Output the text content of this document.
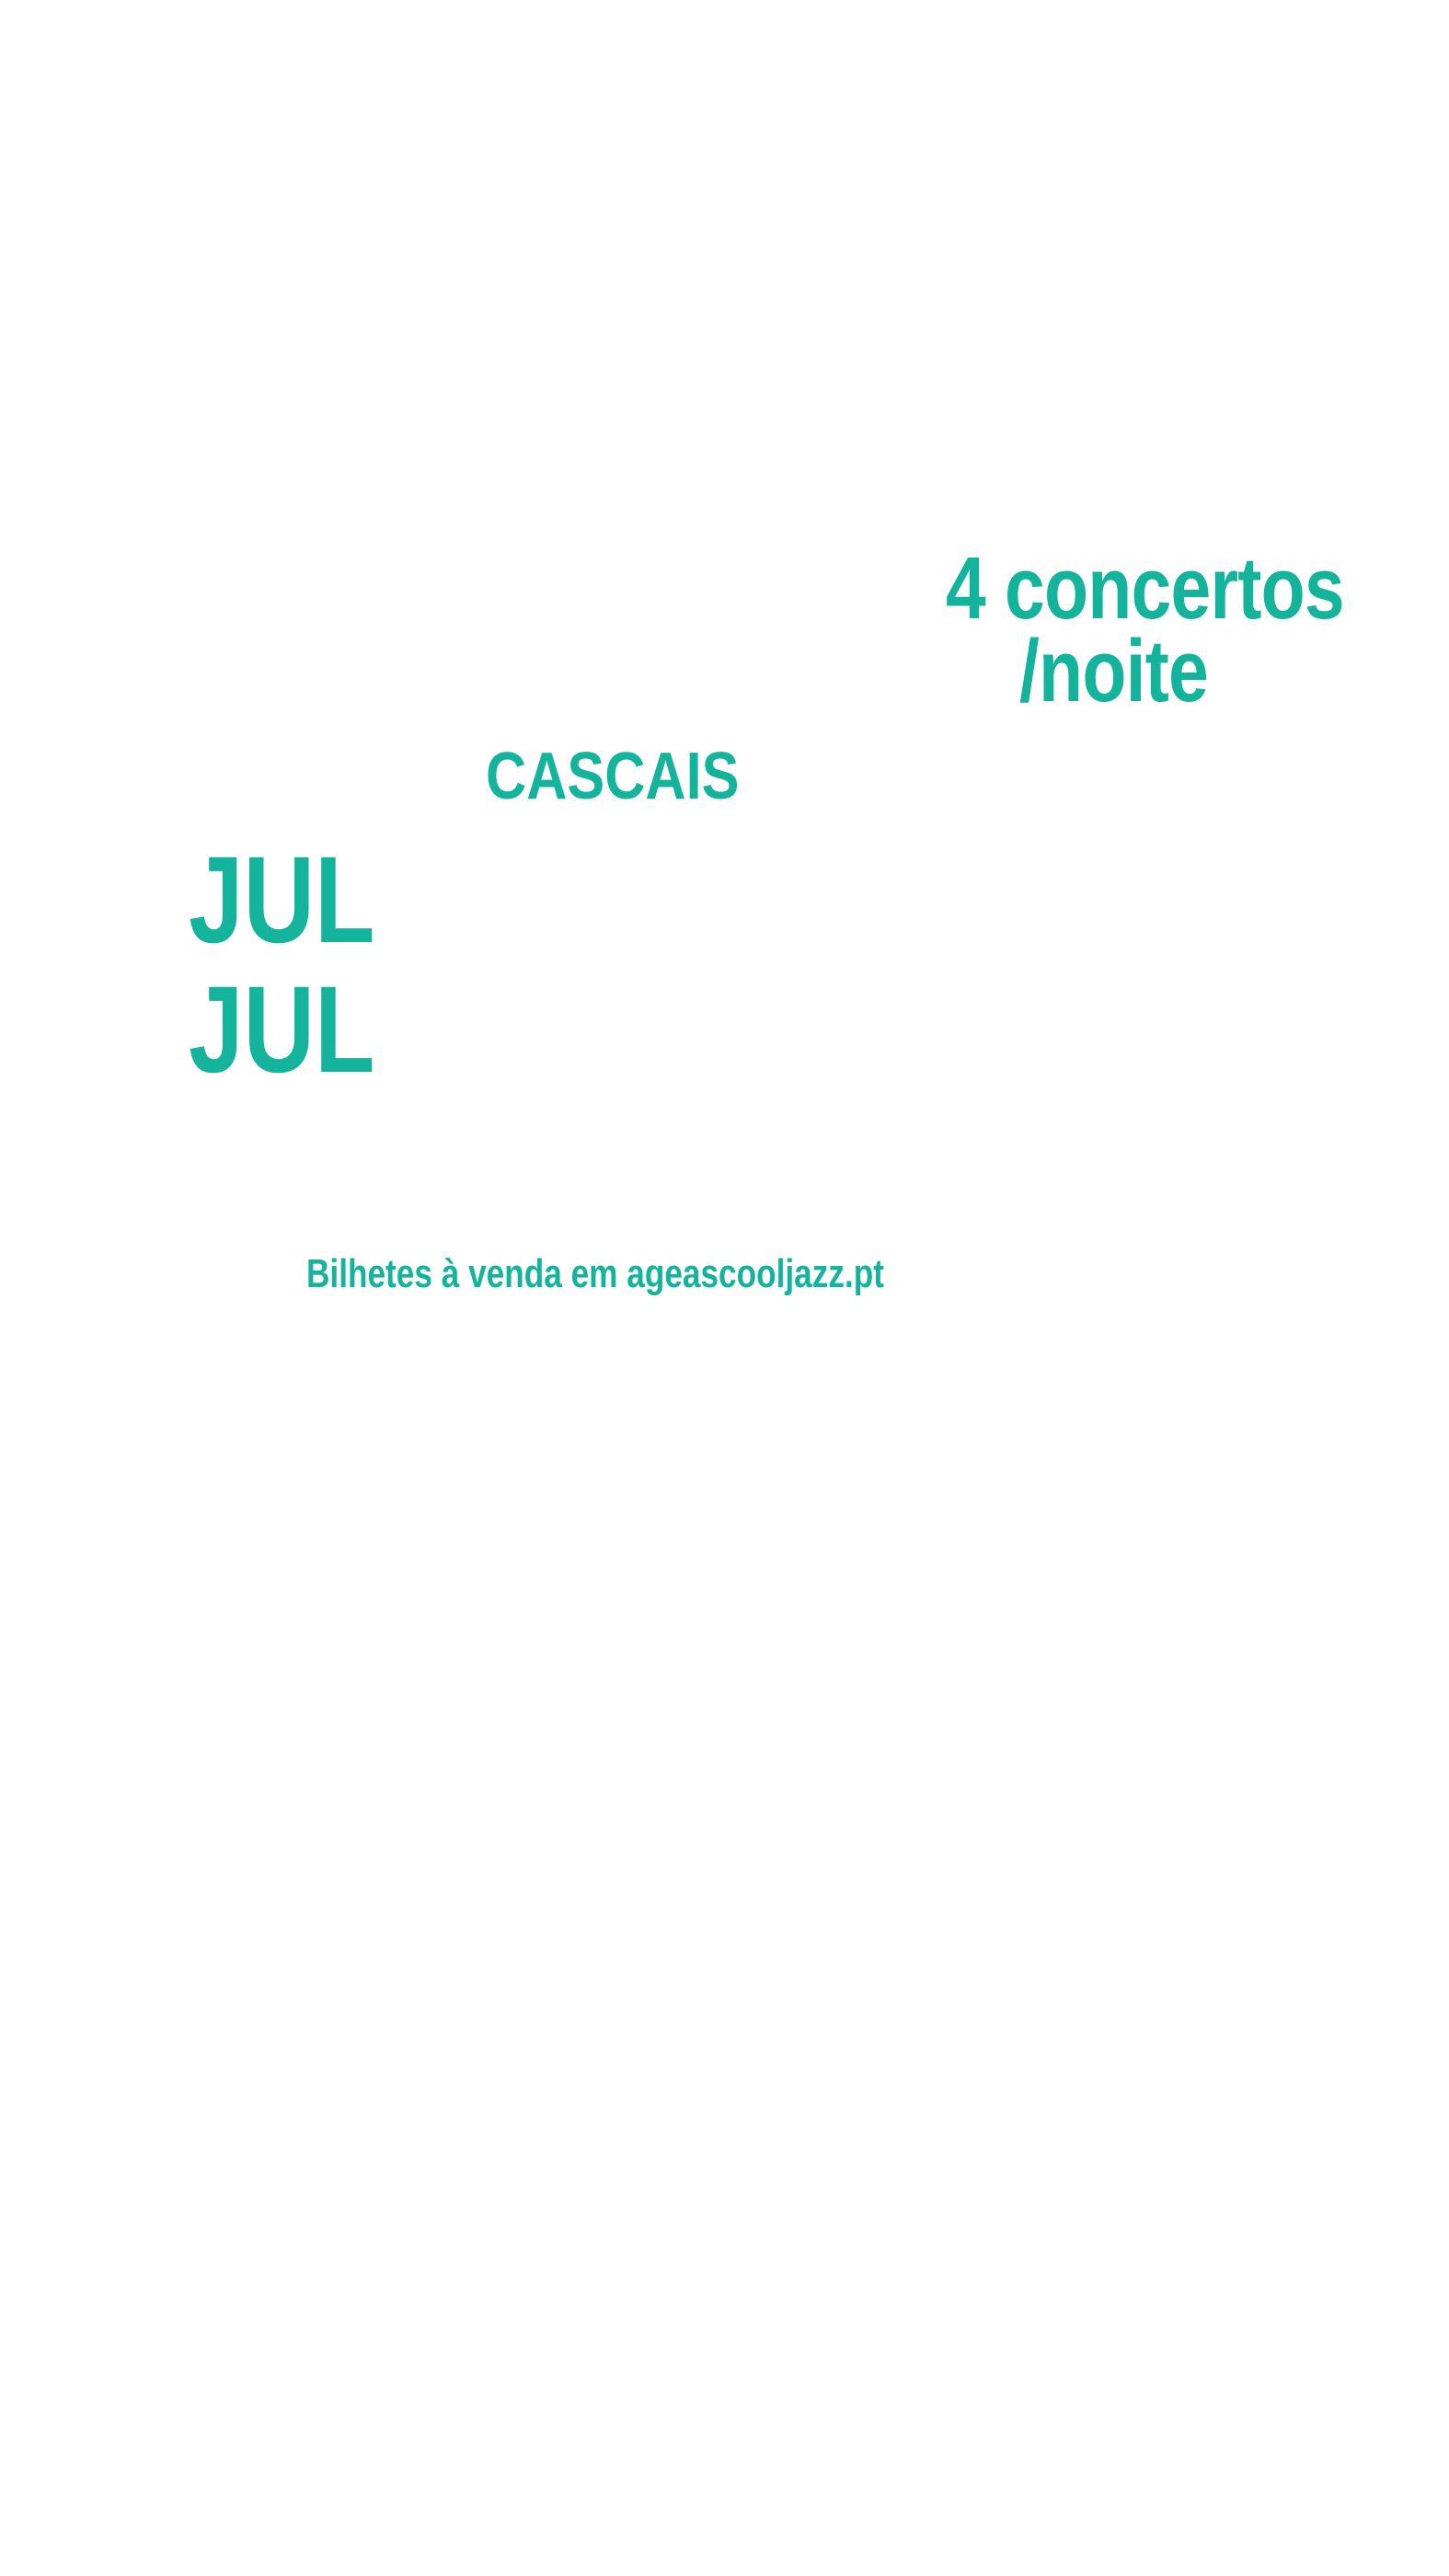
4 concertos

/noite

CASCAIS

JUL

JUL

Bilhetes à venda em ageascooljazz.pt
